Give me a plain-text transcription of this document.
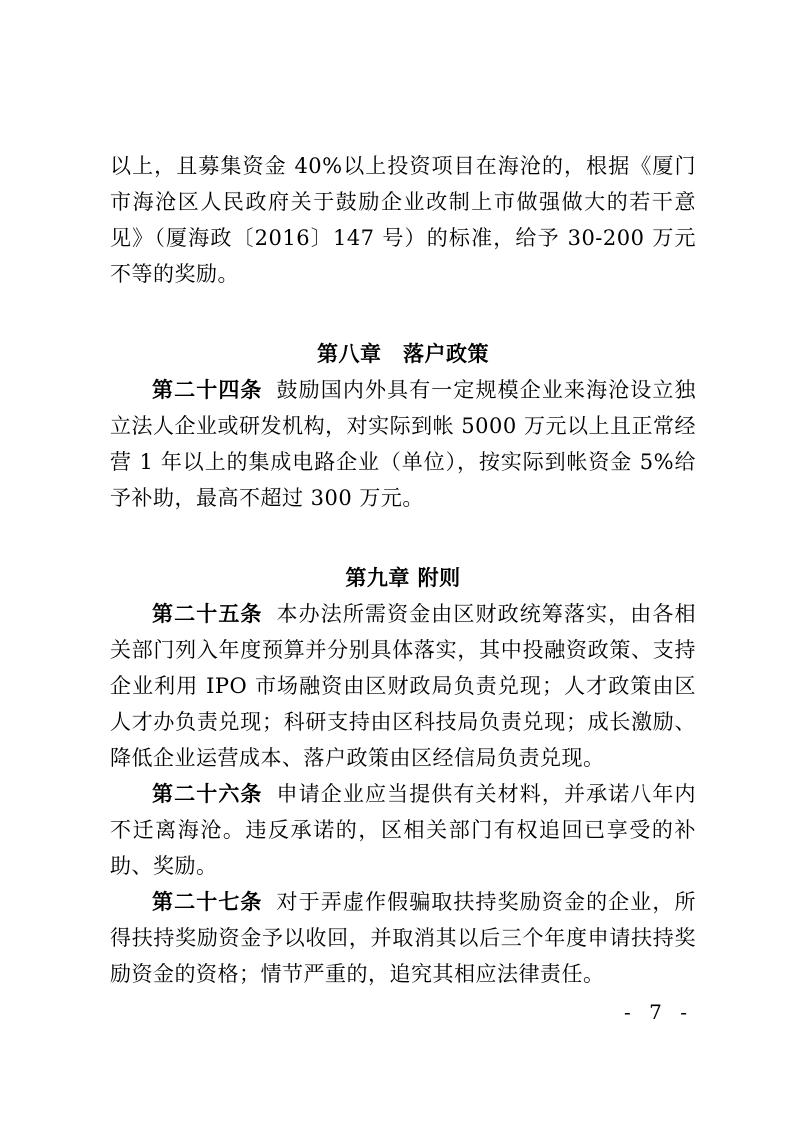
以上，且募集资金 40%以上投资项目在海沧的，根据《厦门市海沧区人民政府关于鼓励企业改制上市做强做大的若干意见》（厦海政〔2016〕147 号）的标准，给予 30-200 万元不等的奖励。

第八章　落户政策

第二十四条 鼓励国内外具有一定规模企业来海沧设立独立法人企业或研发机构，对实际到帐 5000 万元以上且正常经营 1 年以上的集成电路企业（单位），按实际到帐资金 5%给予补助，最高不超过 300 万元。

第九章 附则

第二十五条 本办法所需资金由区财政统筹落实，由各相关部门列入年度预算并分别具体落实，其中投融资政策、支持企业利用 IPO 市场融资由区财政局负责兑现；人才政策由区人才办负责兑现；科研支持由区科技局负责兑现；成长激励、降低企业运营成本、落户政策由区经信局负责兑现。

第二十六条 申请企业应当提供有关材料，并承诺八年内不迁离海沧。违反承诺的，区相关部门有权追回已享受的补助、奖励。

第二十七条 对于弄虚作假骗取扶持奖励资金的企业，所得扶持奖励资金予以收回，并取消其以后三个年度申请扶持奖励资金的资格；情节严重的，追究其相应法律责任。

- 7 -
